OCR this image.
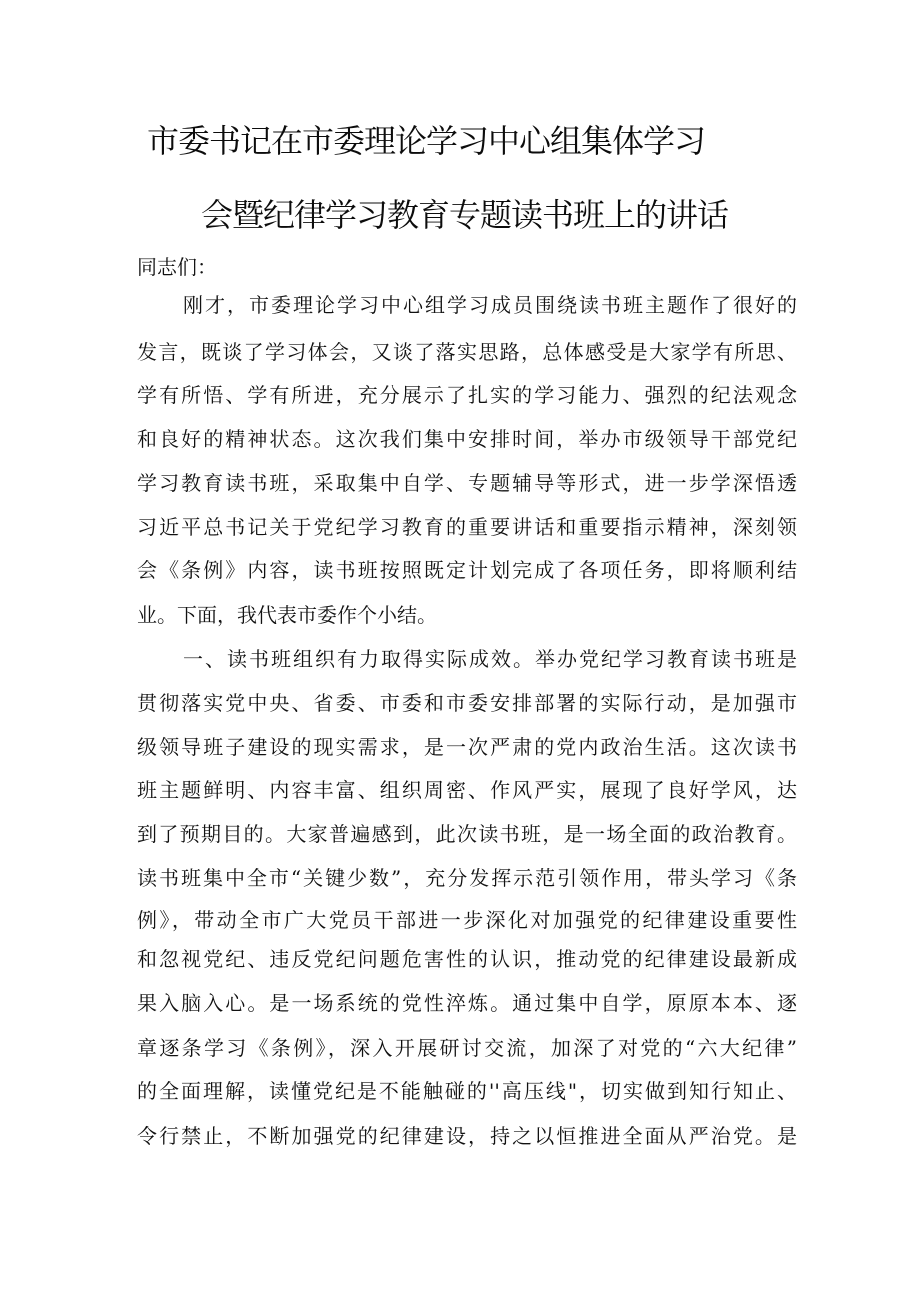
市委书记在市委理论学习中心组集体学习
会暨纪律学习教育专题读书班上的讲话
同志们：
刚才，市委理论学习中心组学习成员围绕读书班主题作了很好的
发言，既谈了学习体会，又谈了落实思路，总体感受是大家学有所思、
学有所悟、学有所进，充分展示了扎实的学习能力、强烈的纪法观念
和良好的精神状态。这次我们集中安排时间，举办市级领导干部党纪
学习教育读书班，采取集中自学、专题辅导等形式，进一步学深悟透
习近平总书记关于党纪学习教育的重要讲话和重要指示精神，深刻领
会《条例》内容，读书班按照既定计划完成了各项任务，即将顺利结
业。下面，我代表市委作个小结。
一、读书班组织有力取得实际成效。举办党纪学习教育读书班是
贯彻落实党中央、省委、市委和市委安排部署的实际行动，是加强市
级领导班子建设的现实需求，是一次严肃的党内政治生活。这次读书
班主题鲜明、内容丰富、组织周密、作风严实，展现了良好学风，达
到了预期目的。大家普遍感到，此次读书班，是一场全面的政治教育。
读书班集中全市“关键少数”，充分发挥示范引领作用，带头学习《条
例》，带动全市广大党员干部进一步深化对加强党的纪律建设重要性
和忽视党纪、违反党纪问题危害性的认识，推动党的纪律建设最新成
果入脑入心。是一场系统的党性淬炼。通过集中自学，原原本本、逐
章逐条学习《条例》，深入开展研讨交流，加深了对党的“六大纪律”
的全面理解，读懂党纪是不能触碰的''高压线"，切实做到知行知止、
令行禁止，不断加强党的纪律建设，持之以恒推进全面从严治党。是
